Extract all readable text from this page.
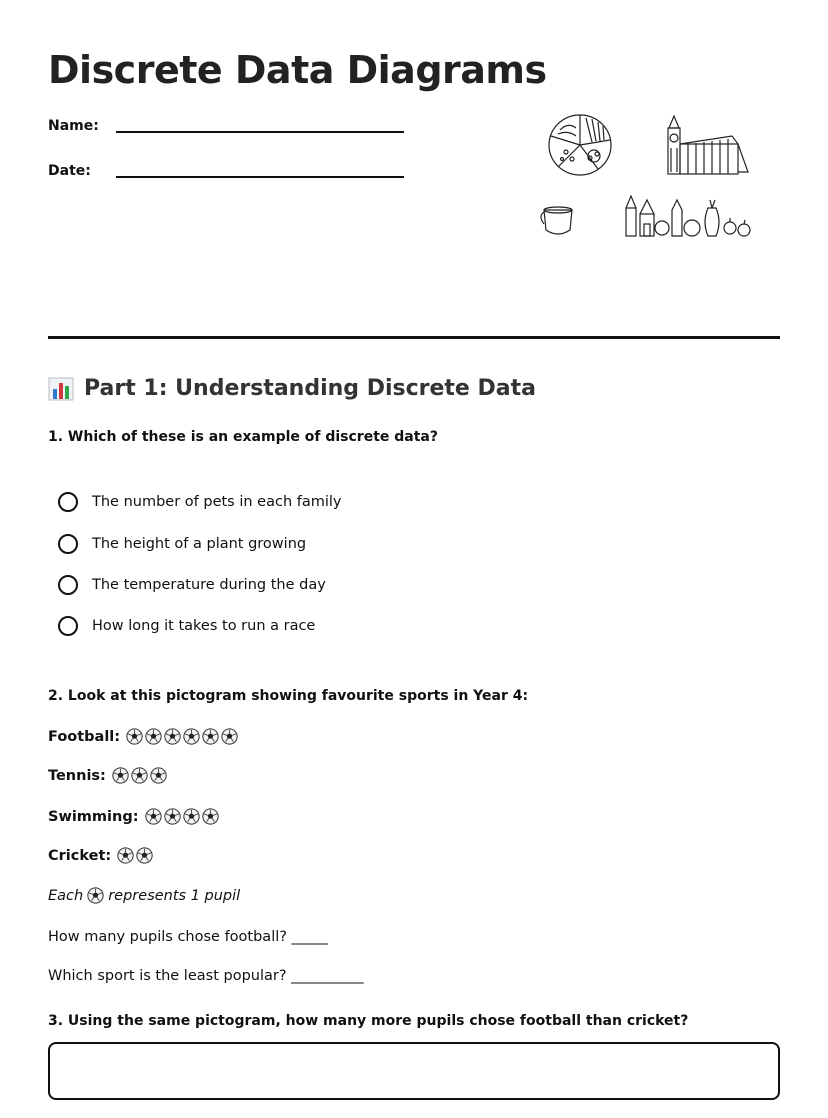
Discrete Data Diagrams
Name:
Date:
Part 1: Understanding Discrete Data
1. Which of these is an example of discrete data?
The number of pets in each family
The height of a plant growing
The temperature during the day
How long it takes to run a race
2. Look at this pictogram showing favourite sports in Year 4:
Football:
Tennis:
Swimming:
Cricket:
Each represents 1 pupil
How many pupils chose football? _____
Which sport is the least popular? __________
3. Using the same pictogram, how many more pupils chose football than cricket?
